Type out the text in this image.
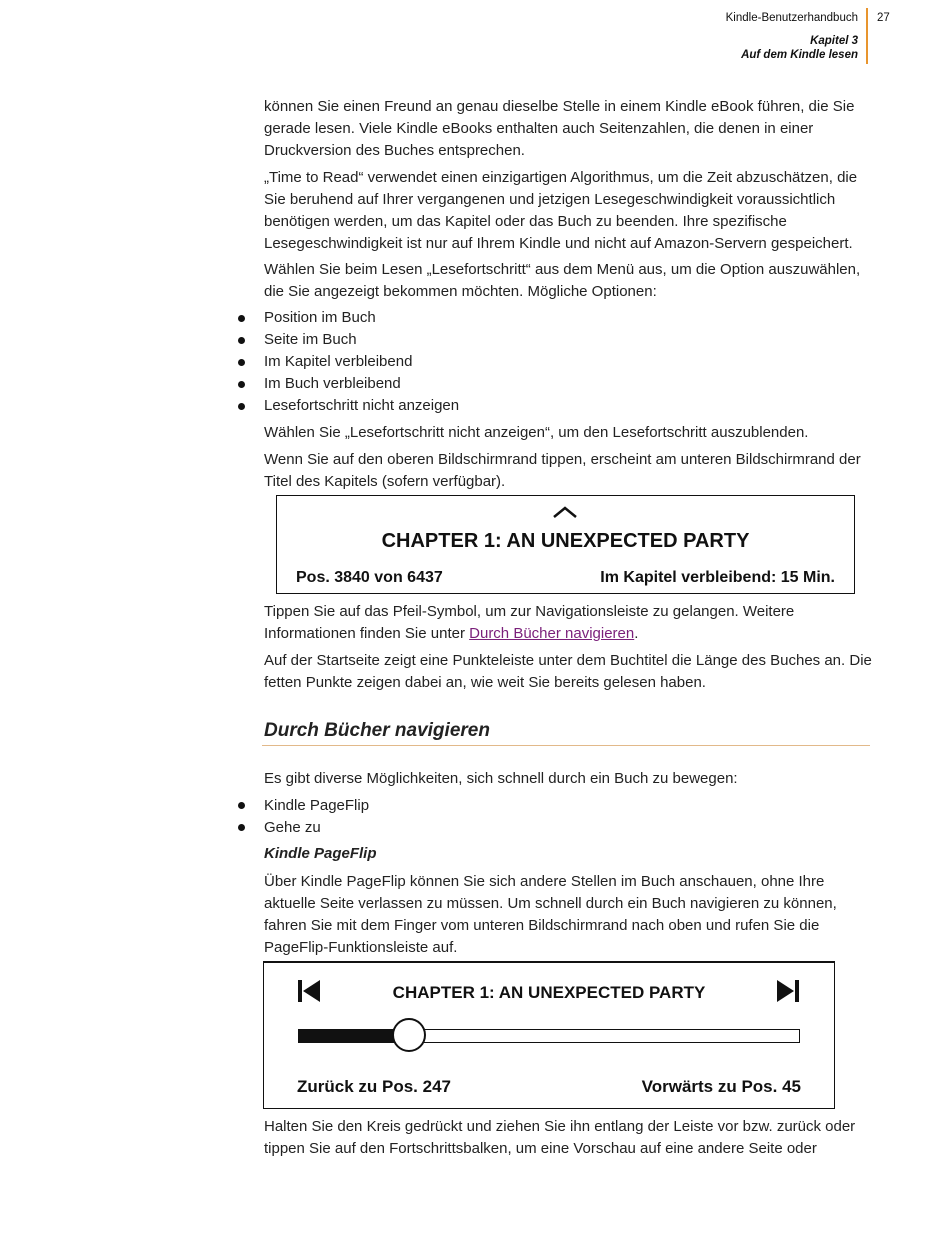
Kindle-Benutzerhandbuch
Kapitel 3
Auf dem Kindle lesen
27

können Sie einen Freund an genau dieselbe Stelle in einem Kindle eBook führen, die Sie gerade lesen. Viele Kindle eBooks enthalten auch Seitenzahlen, die denen in einer Druckversion des Buches entsprechen.

„Time to Read“ verwendet einen einzigartigen Algorithmus, um die Zeit abzuschätzen, die Sie beruhend auf Ihrer vergangenen und jetzigen Lesegeschwindigkeit voraussichtlich benötigen werden, um das Kapitel oder das Buch zu beenden. Ihre spezifische Lesegeschwindigkeit ist nur auf Ihrem Kindle und nicht auf Amazon-Servern gespeichert.

Wählen Sie beim Lesen „Lesefortschritt“ aus dem Menü aus, um die Option auszuwählen, die Sie angezeigt bekommen möchten. Mögliche Optionen:

Position im Buch
Seite im Buch
Im Kapitel verbleibend
Im Buch verbleibend
Lesefortschritt nicht anzeigen

Wählen Sie „Lesefortschritt nicht anzeigen“, um den Lesefortschritt auszublenden.

Wenn Sie auf den oberen Bildschirmrand tippen, erscheint am unteren Bildschirmrand der Titel des Kapitels (sofern verfügbar).

CHAPTER 1: AN UNEXPECTED PARTY
Pos. 3840 von 6437	Im Kapitel verbleibend: 15 Min.

Tippen Sie auf das Pfeil-Symbol, um zur Navigationsleiste zu gelangen. Weitere Informationen finden Sie unter Durch Bücher navigieren.

Auf der Startseite zeigt eine Punkteleiste unter dem Buchtitel die Länge des Buches an. Die fetten Punkte zeigen dabei an, wie weit Sie bereits gelesen haben.

Durch Bücher navigieren

Es gibt diverse Möglichkeiten, sich schnell durch ein Buch zu bewegen:

Kindle PageFlip
Gehe zu
Kindle PageFlip

Über Kindle PageFlip können Sie sich andere Stellen im Buch anschauen, ohne Ihre aktuelle Seite verlassen zu müssen. Um schnell durch ein Buch navigieren zu können, fahren Sie mit dem Finger vom unteren Bildschirmrand nach oben und rufen Sie die PageFlip-Funktionsleiste auf.

CHAPTER 1: AN UNEXPECTED PARTY
Zurück zu Pos. 247	Vorwärts zu Pos. 45

Halten Sie den Kreis gedrückt und ziehen Sie ihn entlang der Leiste vor bzw. zurück oder tippen Sie auf den Fortschrittsbalken, um eine Vorschau auf eine andere Seite oder
